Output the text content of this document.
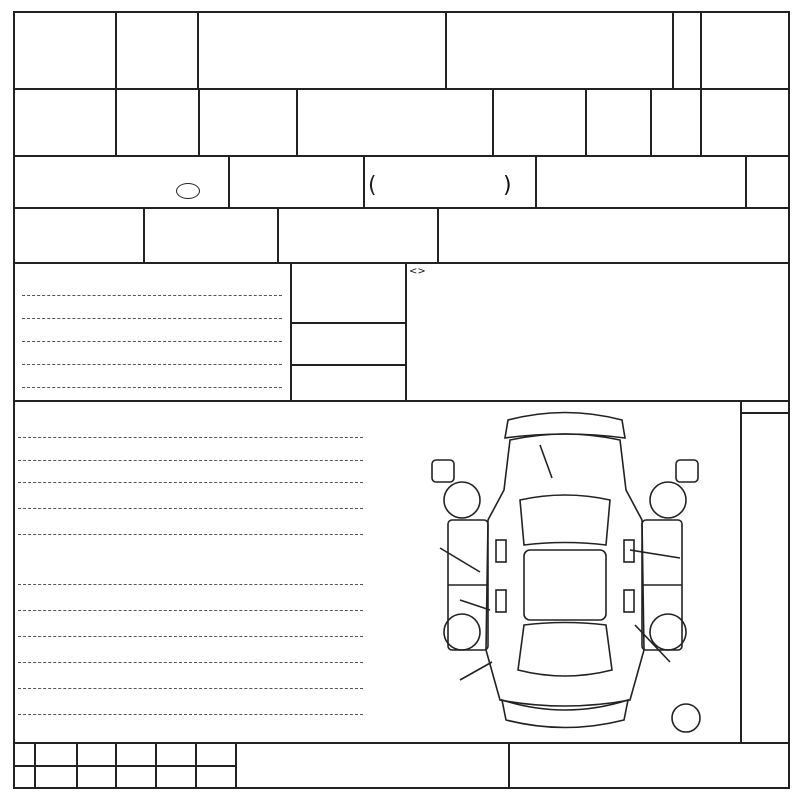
(	)
<>
